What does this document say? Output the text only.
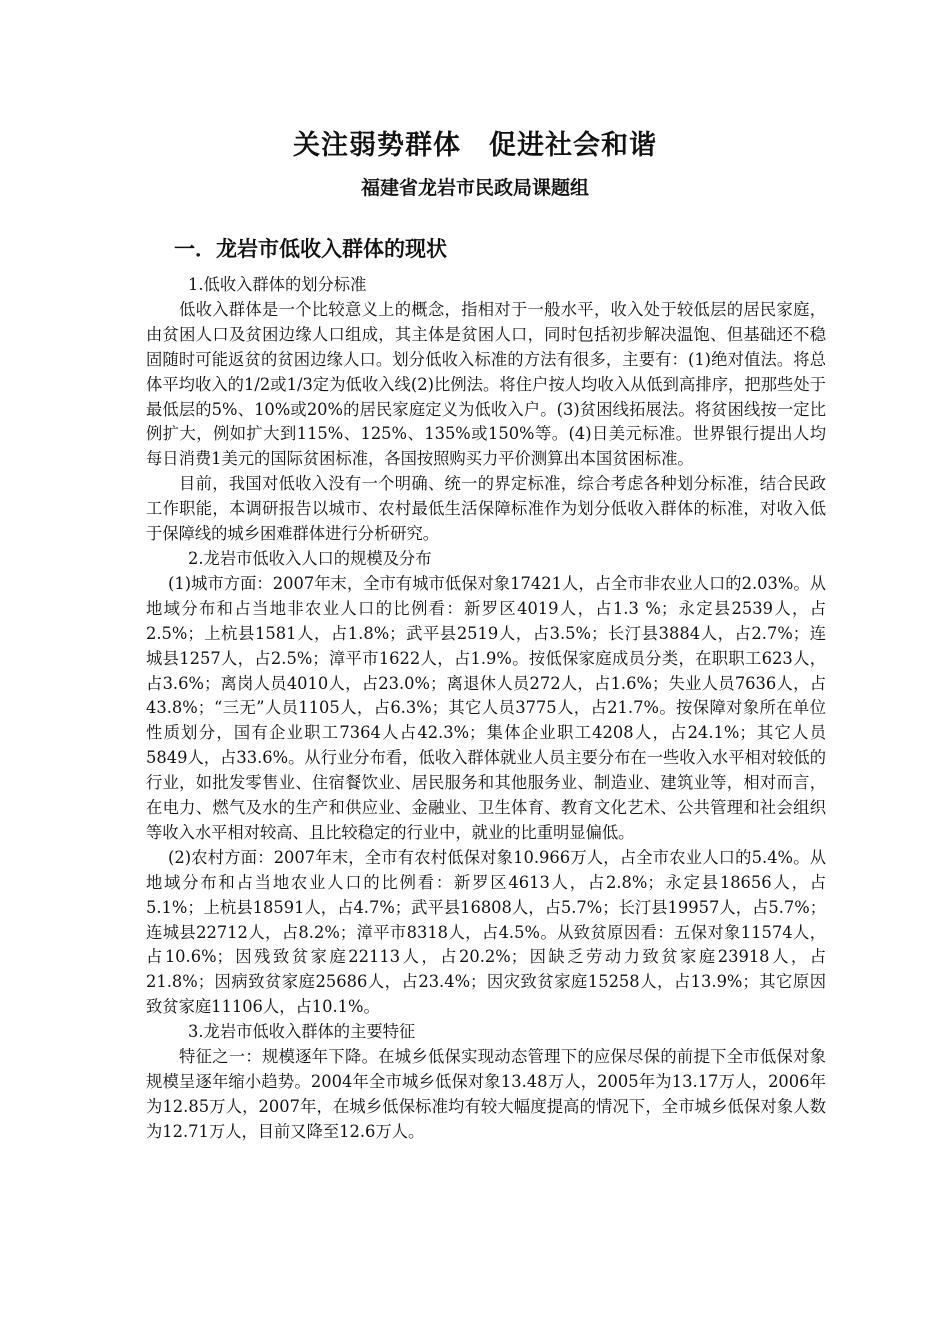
关注弱势群体　促进社会和谐
福建省龙岩市民政局课题组
一．龙岩市低收入群体的现状

1.低收入群体的划分标准

低收入群体是一个比较意义上的概念，指相对于一般水平，收入处于较低层的居民家庭，由贫困人口及贫困边缘人口组成，其主体是贫困人口，同时包括初步解决温饱、但基础还不稳固随时可能返贫的贫困边缘人口。划分低收入标准的方法有很多，主要有：(1)绝对值法。将总体平均收入的1/2或1/3定为低收入线(2)比例法。将住户按人均收入从低到高排序，把那些处于最低层的5%、10%或20%的居民家庭定义为低收入户。(3)贫困线拓展法。将贫困线按一定比例扩大，例如扩大到115%、125%、135%或150%等。(4)日美元标准。世界银行提出人均每日消费1美元的国际贫困标准，各国按照购买力平价测算出本国贫困标准。

目前，我国对低收入没有一个明确、统一的界定标准，综合考虑各种划分标准，结合民政工作职能，本调研报告以城市、农村最低生活保障标准作为划分低收入群体的标准，对收入低于保障线的城乡困难群体进行分析研究。

2.龙岩市低收入人口的规模及分布

(1)城市方面：2007年末，全市有城市低保对象17421人，占全市非农业人口的2.03%。从地域分布和占当地非农业人口的比例看：新罗区4019人，占1.3 %；永定县2539人，占2.5%；上杭县1581人，占1.8%；武平县2519人，占3.5%；长汀县3884人，占2.7%；连城县1257人，占2.5%；漳平市1622人，占1.9%。按低保家庭成员分类，在职职工623人，占3.6%；离岗人员4010人，占23.0%；离退休人员272人，占1.6%；失业人员7636人，占43.8%；“三无”人员1105人，占6.3%；其它人员3775人，占21.7%。按保障对象所在单位性质划分，国有企业职工7364人占42.3%；集体企业职工4208人，占24.1%；其它人员5849人，占33.6%。从行业分布看，低收入群体就业人员主要分布在一些收入水平相对较低的行业，如批发零售业、住宿餐饮业、居民服务和其他服务业、制造业、建筑业等，相对而言，在电力、燃气及水的生产和供应业、金融业、卫生体育、教育文化艺术、公共管理和社会组织等收入水平相对较高、且比较稳定的行业中，就业的比重明显偏低。

(2)农村方面：2007年末，全市有农村低保对象10.966万人，占全市农业人口的5.4%。从地域分布和占当地农业人口的比例看：新罗区4613人，占2.8%；永定县18656人，占5.1%；上杭县18591人，占4.7%；武平县16808人，占5.7%；长汀县19957人，占5.7%；连城县22712人，占8.2%；漳平市8318人，占4.5%。从致贫原因看：五保对象11574人，占10.6%；因残致贫家庭22113人，占20.2%；因缺乏劳动力致贫家庭23918人，占21.8%；因病致贫家庭25686人，占23.4%；因灾致贫家庭15258人，占13.9%；其它原因致贫家庭11106人，占10.1%。

3.龙岩市低收入群体的主要特征

特征之一：规模逐年下降。在城乡低保实现动态管理下的应保尽保的前提下全市低保对象规模呈逐年缩小趋势。2004年全市城乡低保对象13.48万人，2005年为13.17万人，2006年为12.85万人，2007年，在城乡低保标准均有较大幅度提高的情况下，全市城乡低保对象人数为12.71万人，目前又降至12.6万人。
